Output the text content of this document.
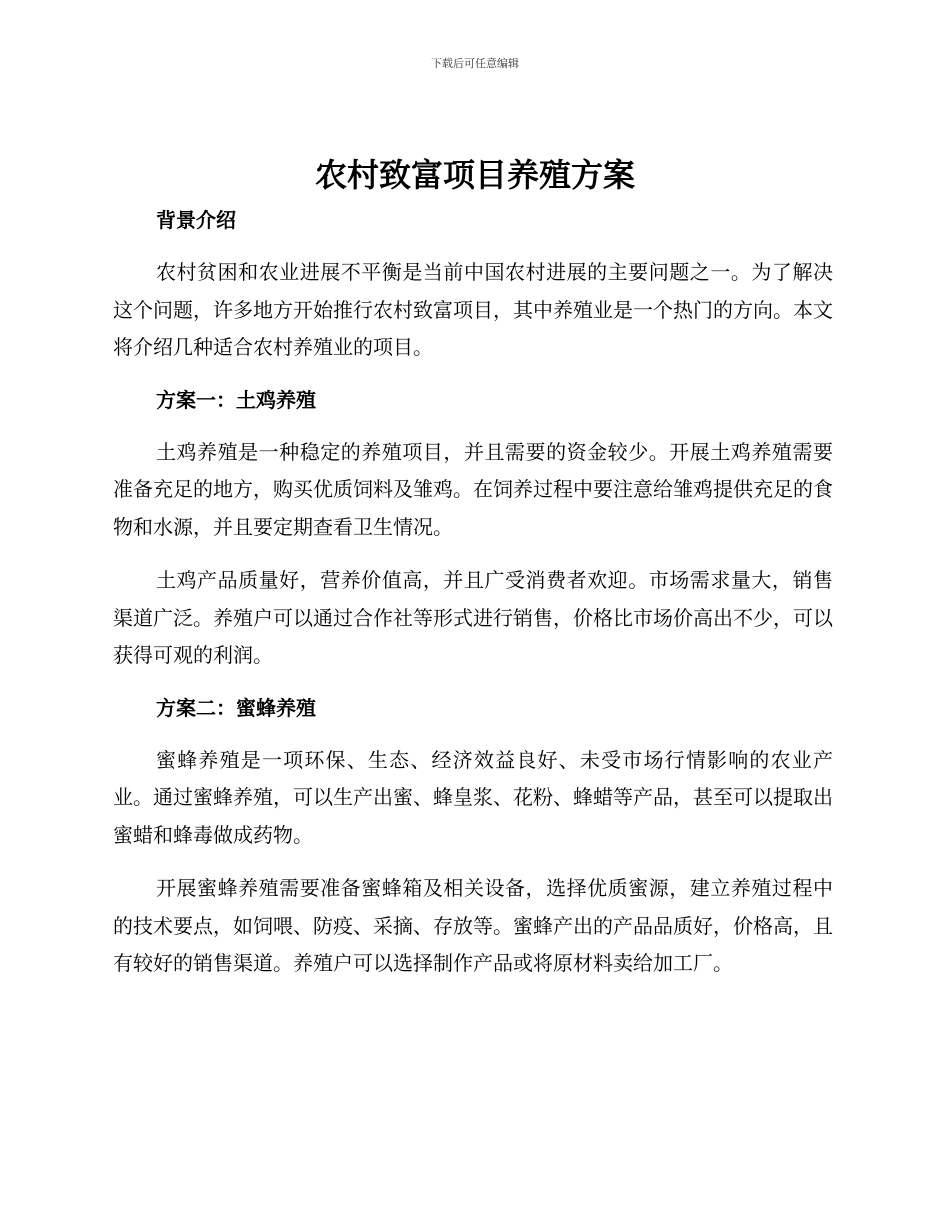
下载后可任意编辑
农村致富项目养殖方案
背景介绍

农村贫困和农业进展不平衡是当前中国农村进展的主要问题之一。为了解决这个问题，许多地方开始推行农村致富项目，其中养殖业是一个热门的方向。本文将介绍几种适合农村养殖业的项目。

方案一：土鸡养殖

土鸡养殖是一种稳定的养殖项目，并且需要的资金较少。开展土鸡养殖需要准备充足的地方，购买优质饲料及雏鸡。在饲养过程中要注意给雏鸡提供充足的食物和水源，并且要定期查看卫生情况。

土鸡产品质量好，营养价值高，并且广受消费者欢迎。市场需求量大，销售渠道广泛。养殖户可以通过合作社等形式进行销售，价格比市场价高出不少，可以获得可观的利润。

方案二：蜜蜂养殖

蜜蜂养殖是一项环保、生态、经济效益良好、未受市场行情影响的农业产业。通过蜜蜂养殖，可以生产出蜜、蜂皇浆、花粉、蜂蜡等产品，甚至可以提取出蜜蜡和蜂毒做成药物。

开展蜜蜂养殖需要准备蜜蜂箱及相关设备，选择优质蜜源，建立养殖过程中的技术要点，如饲喂、防疫、采摘、存放等。蜜蜂产出的产品品质好，价格高，且有较好的销售渠道。养殖户可以选择制作产品或将原材料卖给加工厂。
